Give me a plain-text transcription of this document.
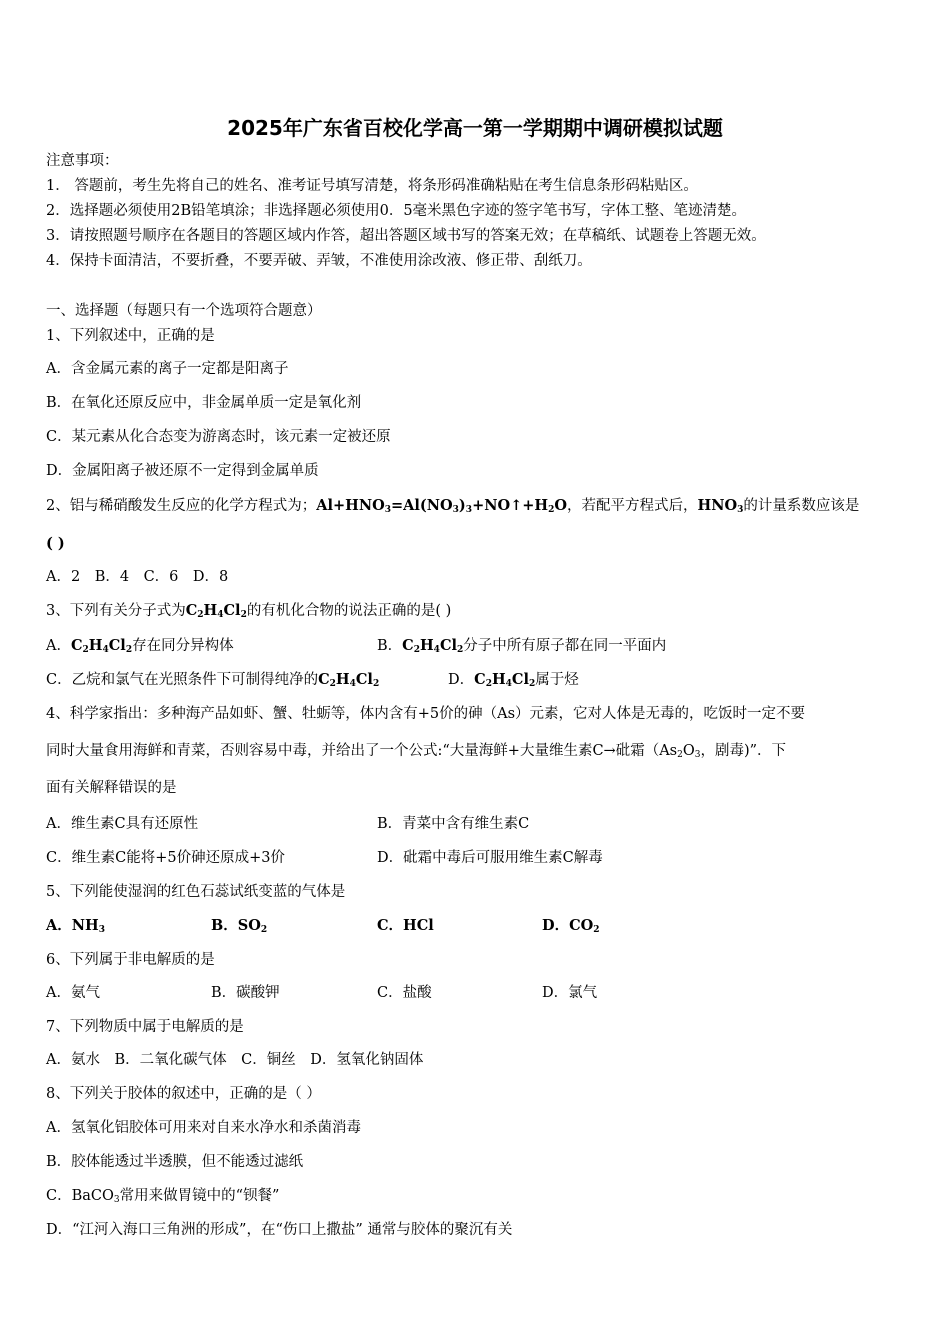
2025年广东省百校化学高一第一学期期中调研模拟试题
注意事项：
1． 答题前，考生先将自己的姓名、准考证号填写清楚，将条形码准确粘贴在考生信息条形码粘贴区。
2．选择题必须使用2B铅笔填涂；非选择题必须使用0．5毫米黑色字迹的签字笔书写，字体工整、笔迹清楚。
3．请按照题号顺序在各题目的答题区域内作答，超出答题区域书写的答案无效；在草稿纸、试题卷上答题无效。
4．保持卡面清洁，不要折叠，不要弄破、弄皱，不准使用涂改液、修正带、刮纸刀。
一、选择题（每题只有一个选项符合题意）
1、下列叙述中，正确的是
A．含金属元素的离子一定都是阳离子
B．在氧化还原反应中，非金属单质一定是氧化剂
C．某元素从化合态变为游离态时，该元素一定被还原
D．金属阳离子被还原不一定得到金属单质
2、铝与稀硝酸发生反应的化学方程式为；$Al+HNO_3=Al(NO_3)_3+NO↑+H_2O$，若配平方程式后，$HNO_3$的计量系数应该是
( )
A．2　B．4　C．6　D．8
3、下列有关分子式为$C_2H_4Cl_2$的有机化合物的说法正确的是( )
A．$C_2H_4Cl_2$存在同分异构体	B．$C_2H_4Cl_2$分子中所有原子都在同一平面内
C．乙烷和氯气在光照条件下可制得纯净的$C_2H_4Cl_2$	D．$C_2H_4Cl_2$属于烃
4、科学家指出：多种海产品如虾、蟹、牡蛎等，体内含有+5价的砷（As）元素，它对人体是无毒的，吃饭时一定不要
同时大量食用海鲜和青菜，否则容易中毒，并给出了一个公式:“大量海鲜+大量维生素C→砒霜（$As_2O_3$，剧毒)”．下
面有关解释错误的是
A．维生素C具有还原性	B．青菜中含有维生素C
C．维生素C能将+5价砷还原成+3价	D．砒霜中毒后可服用维生素C解毒
5、下列能使湿润的红色石蕊试纸变蓝的气体是
A．$NH_3$	B．$SO_2$	C．HCl	D．$CO_2$
6、下列属于非电解质的是
A．氨气	B．碳酸钾	C．盐酸	D．氯气
7、下列物质中属于电解质的是
A．氨水　B．二氧化碳气体　C．铜丝　D．氢氧化钠固体
8、下列关于胶体的叙述中，正确的是（ ）
A．氢氧化铝胶体可用来对自来水净水和杀菌消毒
B．胶体能透过半透膜，但不能透过滤纸
C．BaCO$_3$常用来做胃镜中的“钡餐”
D．“江河入海口三角洲的形成”，在“伤口上撒盐” 通常与胶体的聚沉有关
